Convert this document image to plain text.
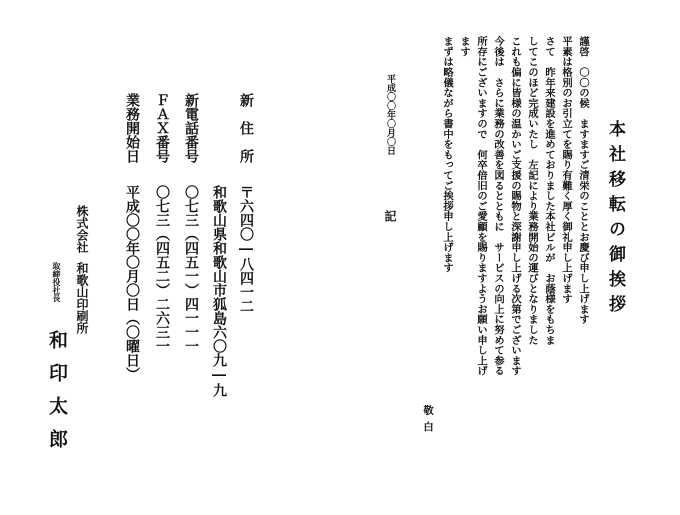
本社移転の御挨拶
謹啓　〇〇の候　ますますご清栄のこととお慶び申し上げます
平素は格別のお引立てを賜り有難く厚く御礼申し上げます
さて　昨年来建設を進めておりました本社ビルが　お蔭様をもちま
してこのほど完成いたし　左記により業務開始の運びとなりました
これも偏に皆様の温かいご支援の賜物と深謝申し上げる次第でございます
今後は　さらに業務の改善を図るとともに　サービスの向上に努めて参る
所存にございますので　何卒倍旧のご愛顧を賜りますようお願い申し上げ
ます
まずは略儀ながら書中をもってご挨拶申し上げます
敬白
平成〇〇年〇月〇日
記
新　住　所
〒六四〇―八四一二
和歌山県和歌山市狐島六〇九―九
新電話番号
〇七三（四五一）四一一一
ＦＡＸ番号
〇七三（四五二）二六三一
業務開始日
平成〇〇年〇月〇日（〇曜日）
株式会社
和歌山印刷所
取締役社長
和印太郎
